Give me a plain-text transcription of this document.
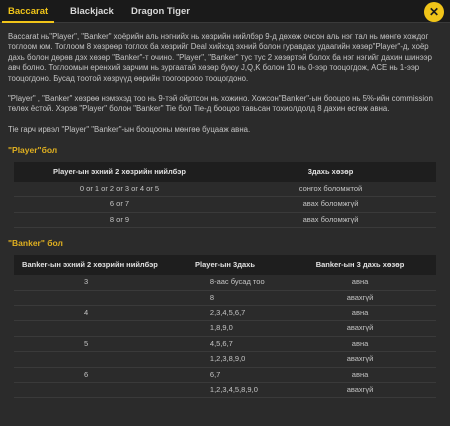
Baccarat	Blackjack	Dragon Tiger	✕

Baccarat нь"Player", "Banker" хоёрийн аль нэгнийх нь хөзрийн нийлбэр 9-д дөхөж очсон аль нэг тал нь мөнгө хождог тоглоом юм. Тоглоом 8 хөзрөөр тоглох ба хөзрийг Deal хийхэд эхний болон гуравдах удаагийн хөзөр"Player"-д, хоёр дахь болон дөрөв дэх хөзөр "Banker"-т очино. "Player", "Banker" тус тус 2 хөзөртэй болох ба нэг нэгийг дахин шинээр авч болно. Тоглоомын еренхий зарчим нь зургаатай хөзөр буюу J,Q,K болон 10 нь 0-ээр тооцогдож, ACE нь 1-ээр тооцогдоно. Бусад тоотой хөзрүүд өөрийн тоогоорооо тооцогдоно.

"Player" , "Banker" хөзрөө нэмэхэд тоо нь 9-тэй ойртсон нь хожино. Хожсон"Banker"-ын бооцоо нь 5%-ийн commission төлөх ёстой. Хэрэв "Player" болон "Banker" Tie бол Tie-д бооцоо тавьсан тохиолдолд 8 дахин өсгөж авна.

Tie гарч ирвэл "Player" "Banker"-ын бооцооны мөнгөө буцааж авна.

"Player"бол
Player-ын эхний 2 хөзрийн нийлбэр	3дахь хөзөр
0 or 1 or 2 or 3 or 4 or 5	сонгох боломжтой
6 or 7	авах боломжгүй
8 or 9	авах боломжгүй
"Banker" бол
Banker-ын эхний 2 хөзрийн нийлбэр	Player-ын 3дахь	Banker-ын 3 дахь хөзөр
3	8-аас бусад тоо	авна
	8	авахгүй
4	2,3,4,5,6,7	авна
	1,8,9,0	авахгүй
5	4,5,6,7	авна
	1,2,3,8,9,0	авахгүй
6	6,7	авна
	1,2,3,4,5,8,9,0	авахгүй
